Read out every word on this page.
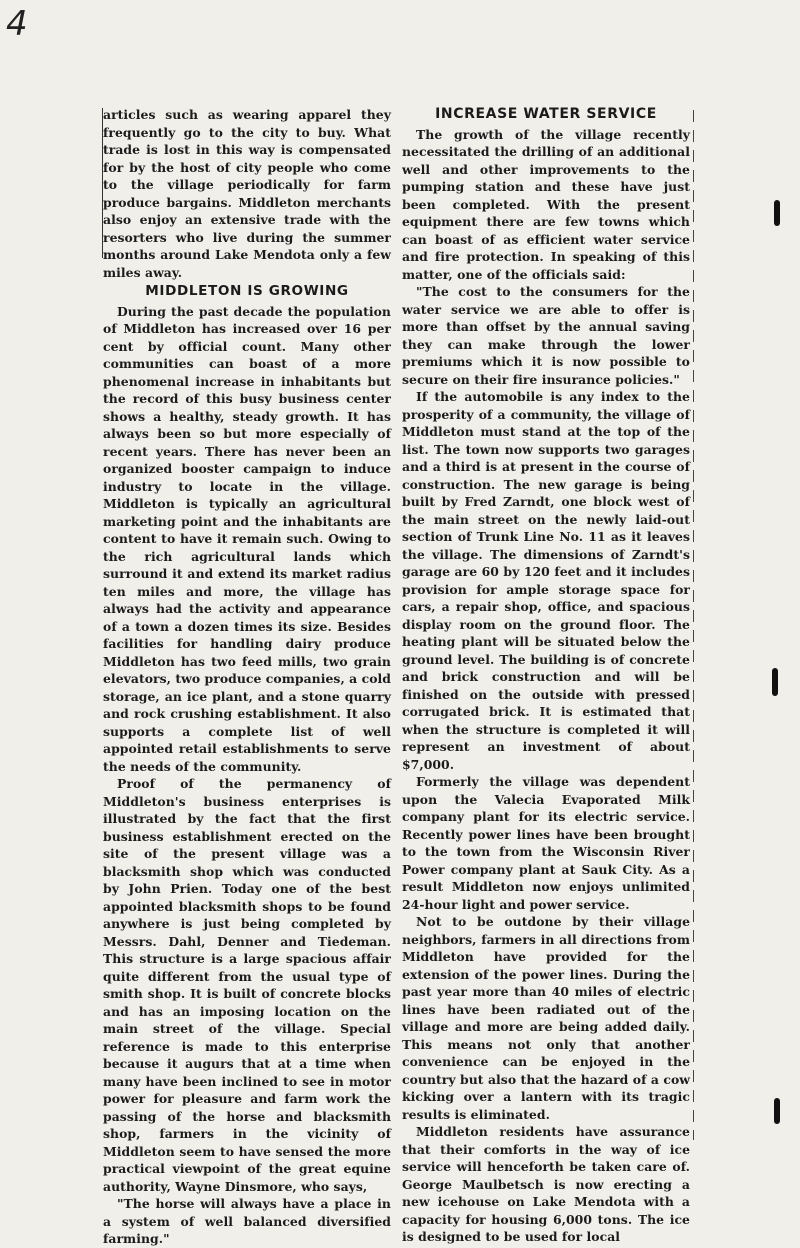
4

articles such as wearing apparel they frequently go to the city to buy. What trade is lost in this way is compensated for by the host of city people who come to the village periodically for farm produce bargains. Middleton merchants also enjoy an extensive trade with the resorters who live during the summer months around Lake Mendota only a few miles away.

MIDDLETON IS GROWING

During the past decade the population of Middleton has increased over 16 per cent by official count. Many other communities can boast of a more phenomenal increase in inhabitants but the record of this busy business center shows a healthy, steady growth. It has always been so but more especially of recent years. There has never been an organized booster campaign to induce industry to locate in the village. Middleton is typically an agricultural marketing point and the inhabitants are content to have it remain such. Owing to the rich agricultural lands which surround it and extend its market radius ten miles and more, the village has always had the activity and appearance of a town a dozen times its size. Besides facilities for handling dairy produce Middleton has two feed mills, two grain elevators, two produce companies, a cold storage, an ice plant, and a stone quarry and rock crushing establishment. It also supports a complete list of well appointed retail establishments to serve the needs of the community.

Proof of the permanency of Middleton's business enterprises is illustrated by the fact that the first business establishment erected on the site of the present village was a blacksmith shop which was conducted by John Prien. Today one of the best appointed blacksmith shops to be found anywhere is just being completed by Messrs. Dahl, Denner and Tiedeman. This structure is a large spacious affair quite different from the usual type of smith shop. It is built of concrete blocks and has an imposing location on the main street of the village. Special reference is made to this enterprise because it augurs that at a time when many have been inclined to see in motor power for pleasure and farm work the passing of the horse and blacksmith shop, farmers in the vicinity of Middleton seem to have sensed the more practical viewpoint of the great equine authority, Wayne Dinsmore, who says,

"The horse will always have a place in a system of well balanced diversified farming."

INCREASE WATER SERVICE

The growth of the village recently necessitated the drilling of an additional well and other improvements to the pumping station and these have just been completed. With the present equipment there are few towns which can boast of as efficient water service and fire protection. In speaking of this matter, one of the officials said:

"The cost to the consumers for the water service we are able to offer is more than offset by the annual saving they can make through the lower premiums which it is now possible to secure on their fire insurance policies."

If the automobile is any index to the prosperity of a community, the village of Middleton must stand at the top of the list. The town now supports two garages and a third is at present in the course of construction. The new garage is being built by Fred Zarndt, one block west of the main street on the newly laid-out section of Trunk Line No. 11 as it leaves the village. The dimensions of Zarndt's garage are 60 by 120 feet and it includes provision for ample storage space for cars, a repair shop, office, and spacious display room on the ground floor. The heating plant will be situated below the ground level. The building is of concrete and brick construction and will be finished on the outside with pressed corrugated brick. It is estimated that when the structure is completed it will represent an investment of about $7,000.

Formerly the village was dependent upon the Valecia Evaporated Milk company plant for its electric service. Recently power lines have been brought to the town from the Wisconsin River Power company plant at Sauk City. As a result Middleton now enjoys unlimited 24-hour light and power service.

Not to be outdone by their village neighbors, farmers in all directions from Middleton have provided for the extension of the power lines. During the past year more than 40 miles of electric lines have been radiated out of the village and more are being added daily. This means not only that another convenience can be enjoyed in the country but also that the hazard of a cow kicking over a lantern with its tragic results is eliminated.

Middleton residents have assurance that their comforts in the way of ice service will henceforth be taken care of. George Maulbetsch is now erecting a new icehouse on Lake Mendota with a capacity for housing 6,000 tons. The ice is designed to be used for local
